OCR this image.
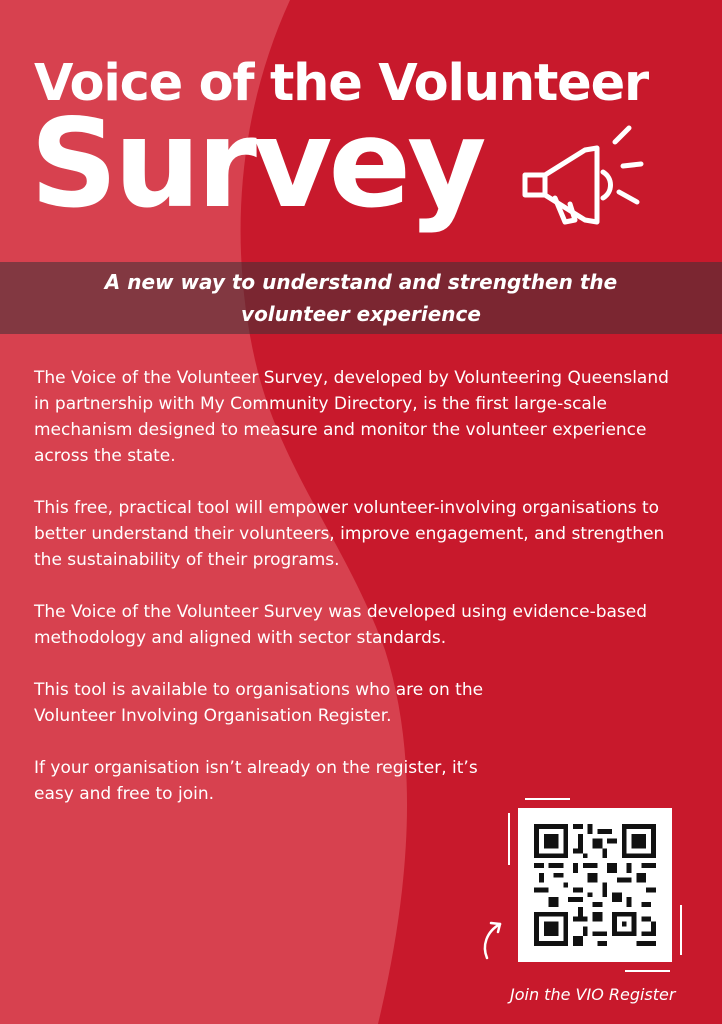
Voice of the Volunteer
Survey

A new way to understand and strengthen the volunteer experience

The Voice of the Volunteer Survey, developed by Volunteering Queensland in partnership with My Community Directory, is the first large-scale mechanism designed to measure and monitor the volunteer experience across the state.

This free, practical tool will empower volunteer-involving organisations to better understand their volunteers, improve engagement, and strengthen the sustainability of their programs.

The Voice of the Volunteer Survey was developed using evidence-based methodology and aligned with sector standards.

This tool is available to organisations who are on the Volunteer Involving Organisation Register.

If your organisation isn’t already on the register, it’s easy and free to join.

Join the VIO Register
